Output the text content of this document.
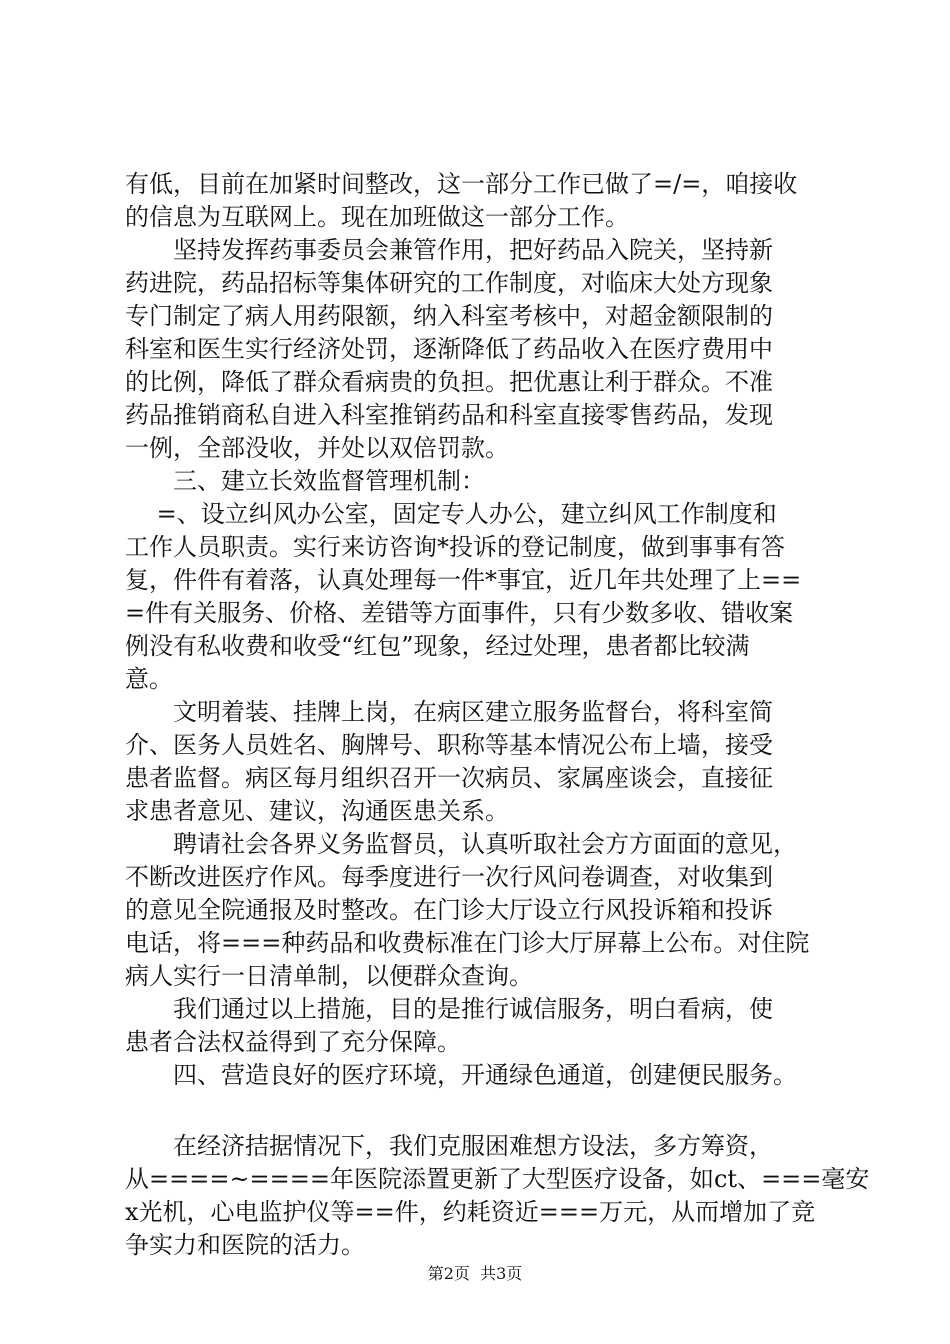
有低，目前在加紧时间整改，这一部分工作已做了=/=，咱接收
的信息为互联网上。现在加班做这一部分工作。
　　坚持发挥药事委员会兼管作用，把好药品入院关，坚持新
药进院，药品招标等集体研究的工作制度，对临床大处方现象
专门制定了病人用药限额，纳入科室考核中，对超金额限制的
科室和医生实行经济处罚，逐渐降低了药品收入在医疗费用中
的比例，降低了群众看病贵的负担。把优惠让利于群众。不准
药品推销商私自进入科室推销药品和科室直接零售药品，发现
一例，全部没收，并处以双倍罚款。
　　三、建立长效监督管理机制：
　 =、设立纠风办公室，固定专人办公，建立纠风工作制度和
工作人员职责。实行来访咨询*投诉的登记制度，做到事事有答
复，件件有着落，认真处理每一件*事宜，近几年共处理了上==
=件有关服务、价格、差错等方面事件，只有少数多收、错收案
例没有私收费和收受“红包”现象，经过处理，患者都比较满
意。
　　文明着装、挂牌上岗，在病区建立服务监督台，将科室简
介、医务人员姓名、胸牌号、职称等基本情况公布上墙，接受
患者监督。病区每月组织召开一次病员、家属座谈会，直接征
求患者意见、建议，沟通医患关系。
　　聘请社会各界义务监督员，认真听取社会方方面面的意见，
不断改进医疗作风。每季度进行一次行风问卷调查，对收集到
的意见全院通报及时整改。在门诊大厅设立行风投诉箱和投诉
电话，将===种药品和收费标准在门诊大厅屏幕上公布。对住院
病人实行一日清单制，以便群众查询。
　　我们通过以上措施，目的是推行诚信服务，明白看病，使
患者合法权益得到了充分保障。
　　四、营造良好的医疗环境，开通绿色通道，创建便民服务。
　　在经济拮据情况下，我们克服困难想方设法，多方筹资，
从====~====年医院添置更新了大型医疗设备，如ct、===毫安
x光机，心电监护仪等==件，约耗资近===万元，从而增加了竞
争实力和医院的活力。
第2页  共3页
